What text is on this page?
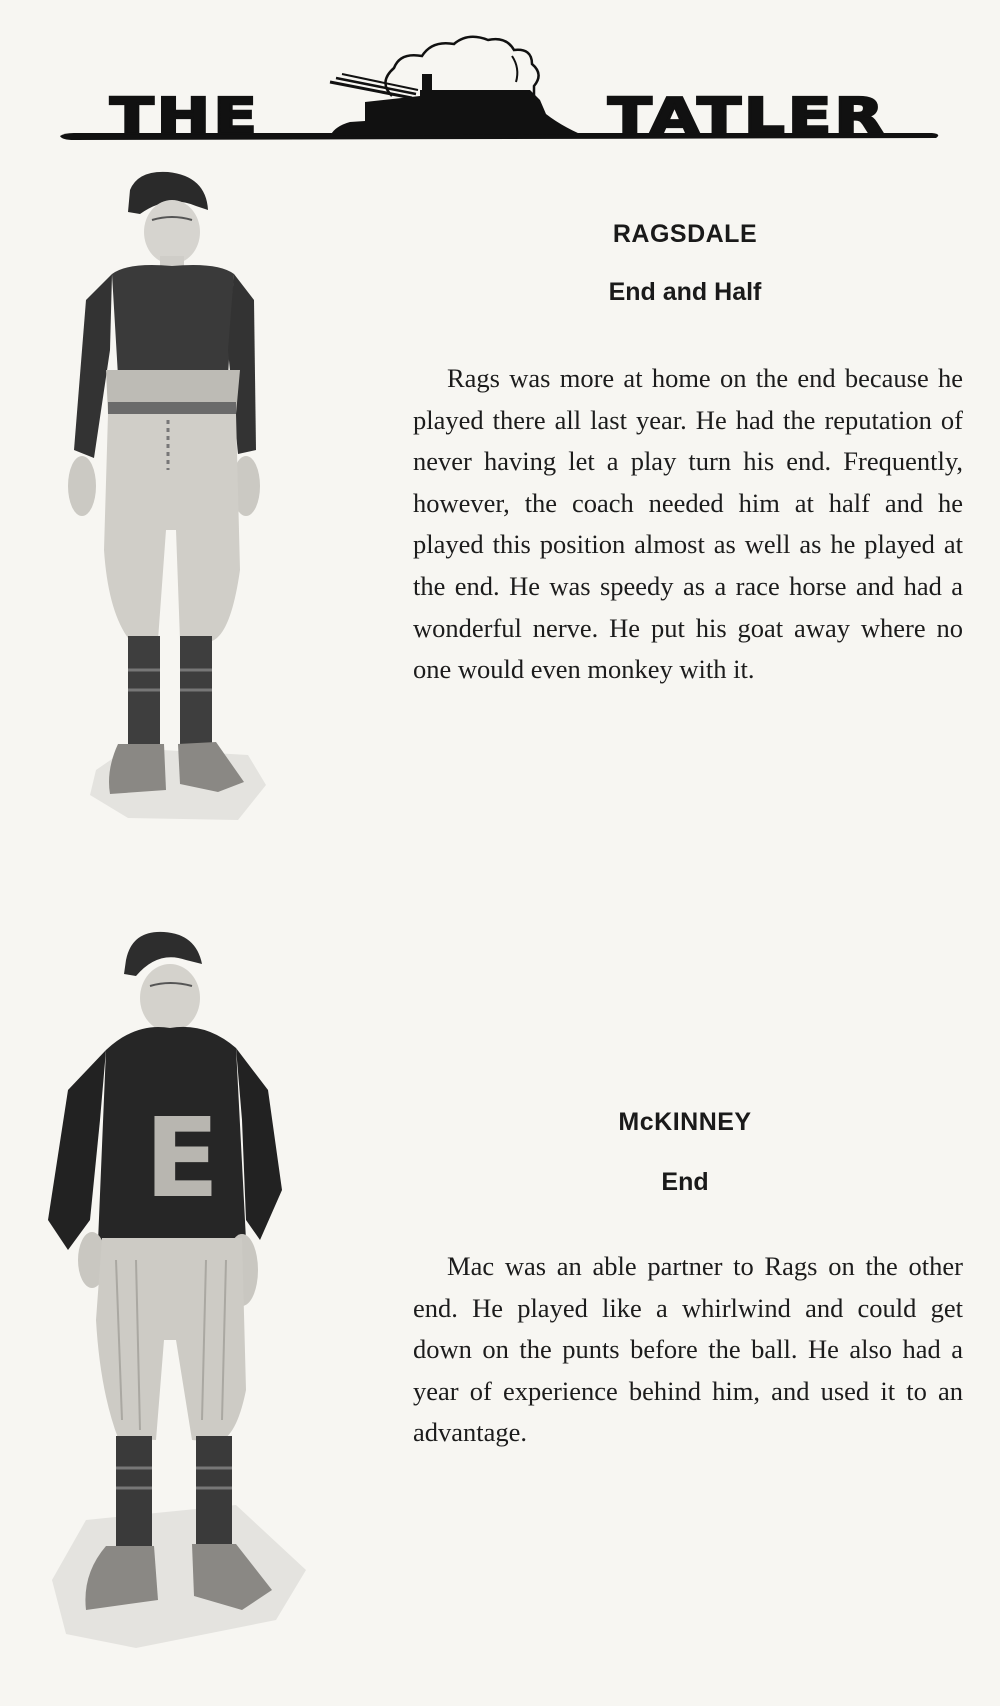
THE	TATLER
RAGSDALE
End and Half

Rags was more at home on the end because he played there all last year. He had the reputation of never having let a play turn his end. Frequently, however, the coach needed him at half and he played this position almost as well as he played at the end. He was speedy as a race horse and had a wonderful nerve. He put his goat away where no one would even monkey with it.

E	McKINNEY
End

Mac was an able partner to Rags on the other end. He played like a whirlwind and could get down on the punts before the ball. He also had a year of experience behind him, and used it to an advantage.
